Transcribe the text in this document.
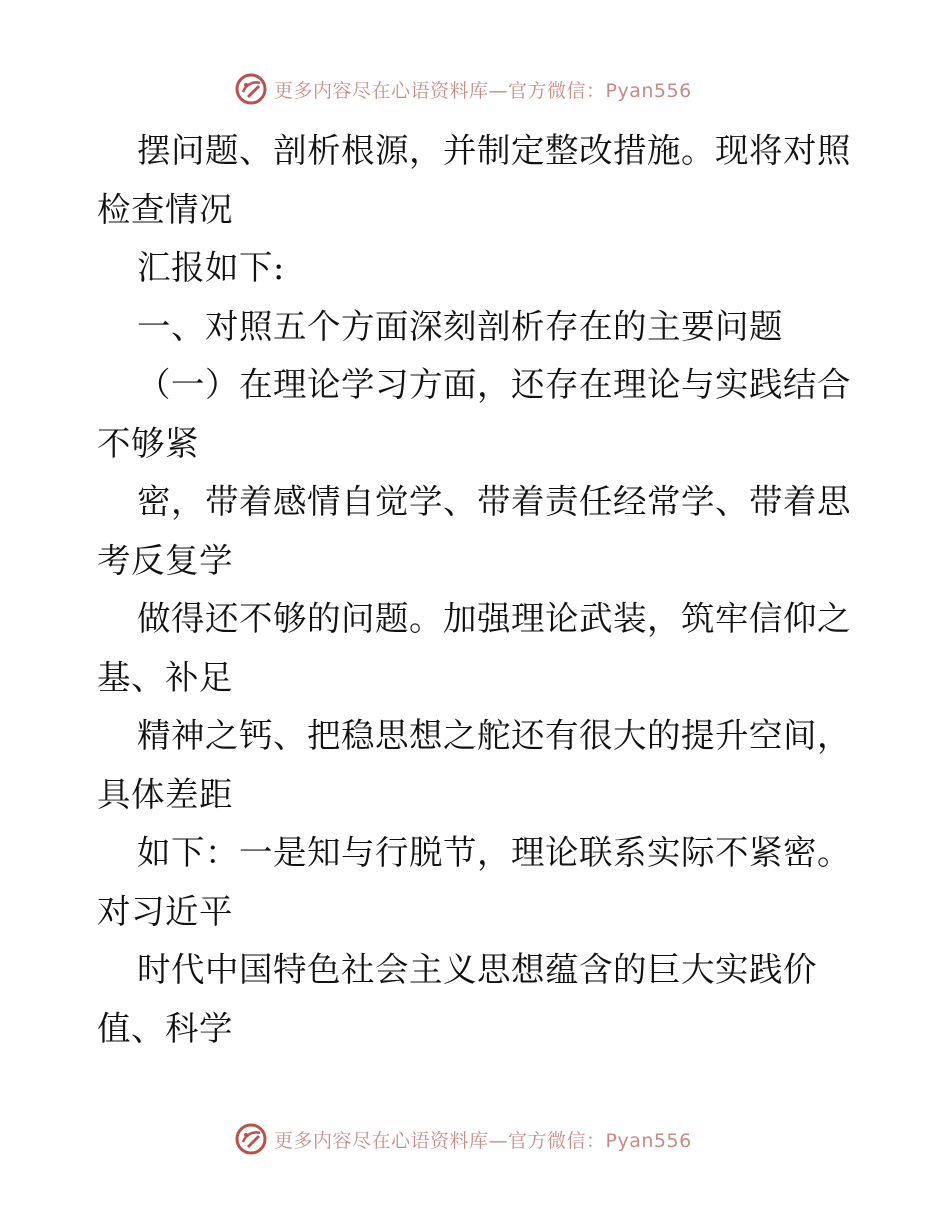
更多内容尽在心语资料库—官方微信：Pyan556
摆问题、剖析根源，并制定整改措施。现将对照
检查情况
汇报如下:
一、对照五个方面深刻剖析存在的主要问题
（一）在理论学习方面，还存在理论与实践结合
不够紧
密，带着感情自觉学、带着责任经常学、带着思
考反复学
做得还不够的问题。加强理论武装，筑牢信仰之
基、补足
精神之钙、把稳思想之舵还有很大的提升空间，
具体差距
如下：一是知与行脱节，理论联系实际不紧密。
对习近平
时代中国特色社会主义思想蕴含的巨大实践价
值、科学
更多内容尽在心语资料库—官方微信：Pyan556
